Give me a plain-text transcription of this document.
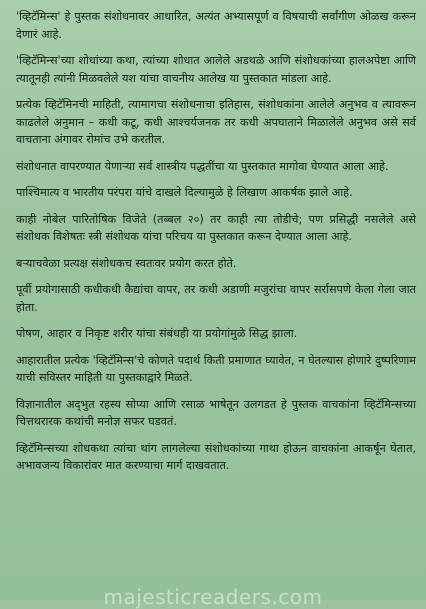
'व्हिटॅमिन्स' हे पुस्तक संशोधनावर आधारित, अत्यंत अभ्यासपूर्ण व विषयाची सर्वांगीण ओळख करून देणारं आहे.

'व्हिटॅमिन्स'च्या शोधांच्या कथा, त्यांच्या शोधात आलेले अडथळे आणि संशोधकांच्या हालअपेष्टा आणि त्यातूनही त्यांनी मिळवलेले यश यांचा वाचनीय आलेख या पुस्तकात मांडला आहे.

प्रत्येक व्हिटॅमिनची माहिती, त्यामागचा संशोधनाचा इतिहास, संशोधकांना आलेले अनुभव व त्यावरून काढलेले अनुमान – कधी कटू, कधी आश्चर्यजनक तर कधी अपघाताने मिळालेले अनुभव असे सर्व वाचताना अंगावर रोमांच उभे करतील.

संशोधनात वापरण्यात येणाऱ्या सर्व शास्त्रीय पद्धतींचा या पुस्तकात मागोवा घेण्यात आला आहे.

पाश्चिमात्य व भारतीय परंपरा यांचे दाखले दिल्यामुळे हे लिखाण आकर्षक झाले आहे.

काही नोबेल पारितोषिक विजेते (तब्बल २०) तर काही त्या तोडीचे; पण प्रसिद्धी नसलेले असे संशोधक विशेषतः स्त्री संशोधक यांचा परिचय या पुस्तकात करून देण्यात आला आहे.

बऱ्याचवेळा प्रत्यक्ष संशोधकच स्वतःवर प्रयोग करत होते.

पूर्वी प्रयोगासाठी कधीकधी कैद्यांचा वापर, तर कधी अडाणी मजुरांचा वापर सर्रासपणे केला गेला जात होता.

पोषण, आहार व निकृष्ट शरीर यांचा संबंधही या प्रयोगांमुळे सिद्ध झाला.

आहारातील प्रत्येक 'व्हिटॅमिन्स'चे कोणते पदार्थ किती प्रमाणात घ्यावेत, न घेतल्यास होणारे दुष्परिणाम याची सविस्तर माहिती या पुस्तकाद्वारे मिळते.

विज्ञानातील अद्‌भुत रहस्य सोप्या आणि रसाळ भाषेतून उलगडत हे पुस्तक वाचकांना व्हिटॅमिन्सच्या चित्तथरारक कथांची मनोज्ञ सफर घडवतं.

व्हिटॅमिन्सच्या शोधकथा त्यांचा थांग लागलेल्या संशोधकांच्या गाथा होऊन वाचकांना आकर्षून घेतात, अभावजन्य विकारांवर मात करण्याचा मार्ग दाखवतात.

majesticreaders.com
